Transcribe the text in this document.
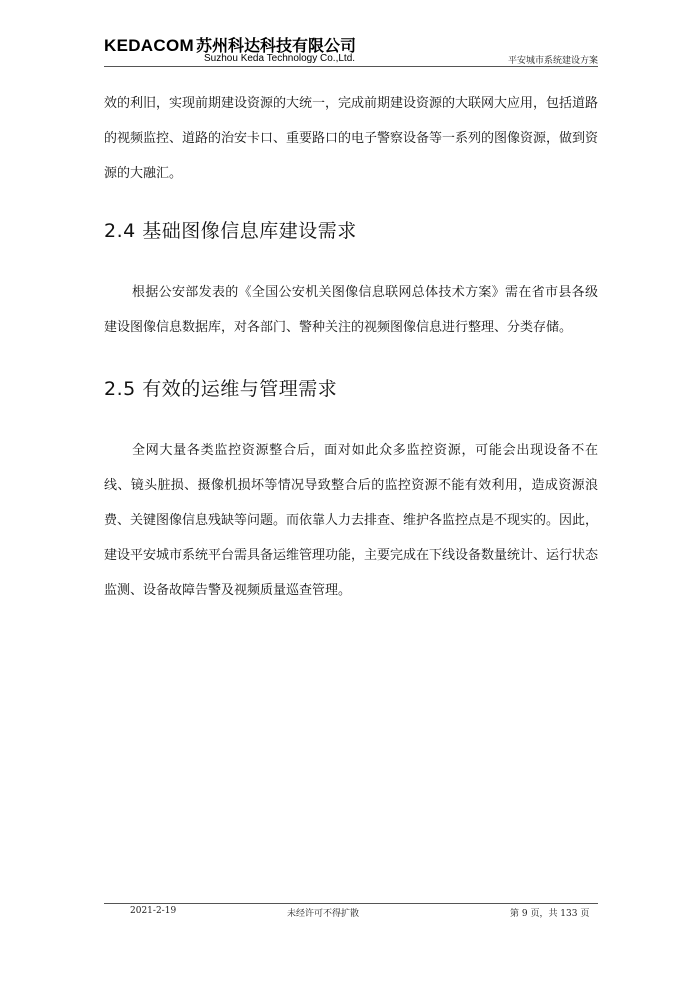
KEDACOM 苏州科达科技有限公司
Suzhou Keda Technology Co.,Ltd.	平安城市系统建设方案

效的利旧，实现前期建设资源的大统一，完成前期建设资源的大联网大应用，包括道路的视频监控、道路的治安卡口、重要路口的电子警察设备等一系列的图像资源，做到资源的大融汇。

2.4 基础图像信息库建设需求

根据公安部发表的《全国公安机关图像信息联网总体技术方案》需在省市县各级建设图像信息数据库，对各部门、警种关注的视频图像信息进行整理、分类存储。

2.5 有效的运维与管理需求

全网大量各类监控资源整合后，面对如此众多监控资源，可能会出现设备不在线、镜头脏损、摄像机损坏等情况导致整合后的监控资源不能有效利用，造成资源浪费、关键图像信息残缺等问题。而依靠人力去排查、维护各监控点是不现实的。因此，建设平安城市系统平台需具备运维管理功能，主要完成在下线设备数量统计、运行状态监测、设备故障告警及视频质量巡查管理。

2021-2-19	未经许可不得扩散	第 9 页，共 133 页
